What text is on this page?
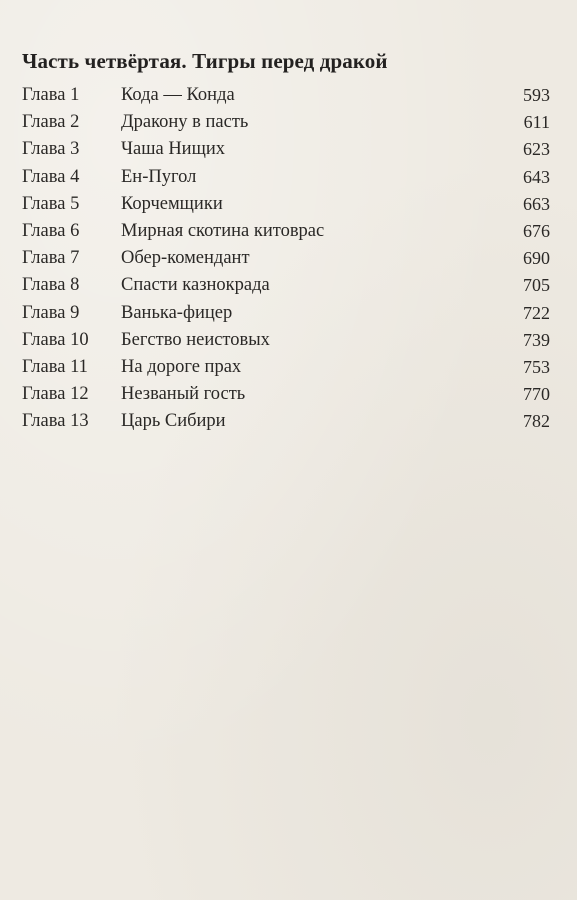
Часть четвёртая. Тигры перед дракой
Глава 1	Кода — Конда	593
Глава 2	Дракону в пасть	611
Глава 3	Чаша Нищих	623
Глава 4	Ен-Пугол	643
Глава 5	Корчемщики	663
Глава 6	Мирная скотина китоврас	676
Глава 7	Обер-комендант	690
Глава 8	Спасти казнокрада	705
Глава 9	Ванька-фицер	722
Глава 10	Бегство неистовых	739
Глава 11	На дороге прах	753
Глава 12	Незваный гость	770
Глава 13	Царь Сибири	782
